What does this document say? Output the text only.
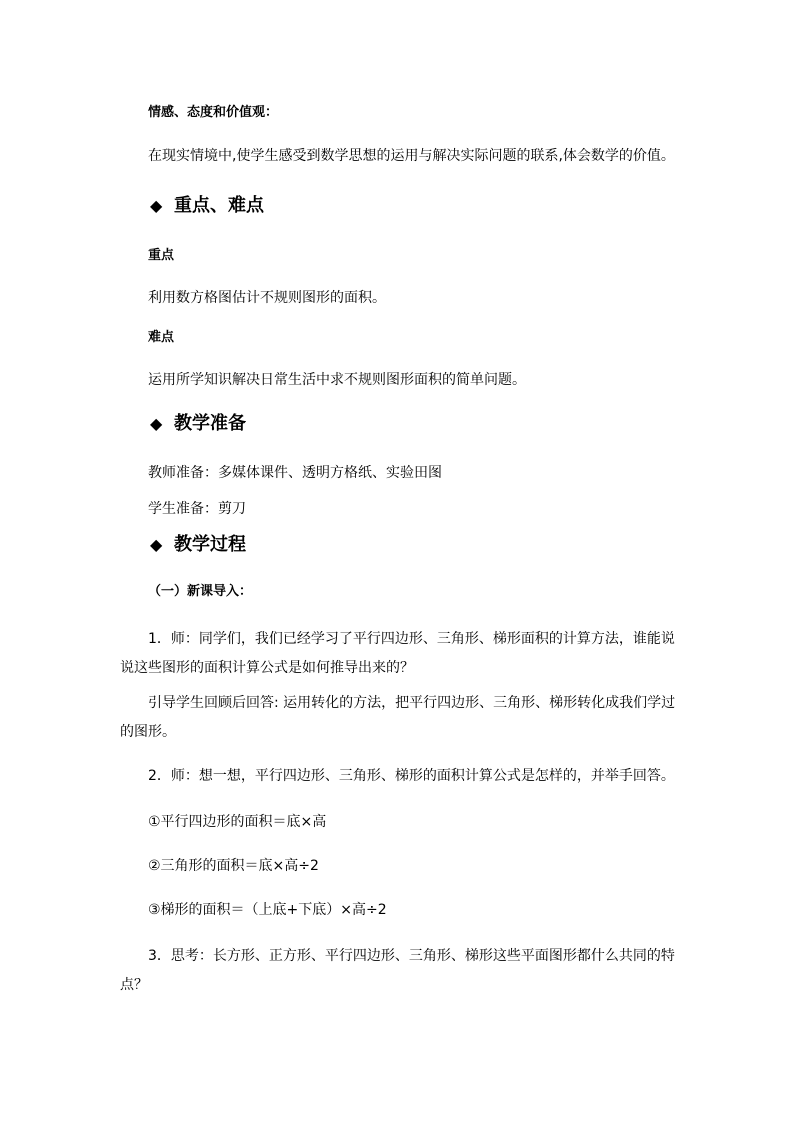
情感、态度和价值观：
在现实情境中,使学生感受到数学思想的运用与解决实际问题的联系,体会数学的价值。
◆ 重点、难点
重点
利用数方格图估计不规则图形的面积。
难点
运用所学知识解决日常生活中求不规则图形面积的简单问题。
◆ 教学准备
教师准备：多媒体课件、透明方格纸、实验田图
学生准备：剪刀
◆ 教学过程
（一）新课导入：
1．师：同学们，我们已经学习了平行四边形、三角形、梯形面积的计算方法，谁能说
说这些图形的面积计算公式是如何推导出来的？
引导学生回顾后回答: 运用转化的方法，把平行四边形、三角形、梯形转化成我们学过
的图形。
2．师：想一想，平行四边形、三角形、梯形的面积计算公式是怎样的，并举手回答。
①平行四边形的面积＝底×高
②三角形的面积＝底×高÷2
③梯形的面积＝（上底+下底）×高÷2
3．思考：长方形、正方形、平行四边形、三角形、梯形这些平面图形都什么共同的特
点？
